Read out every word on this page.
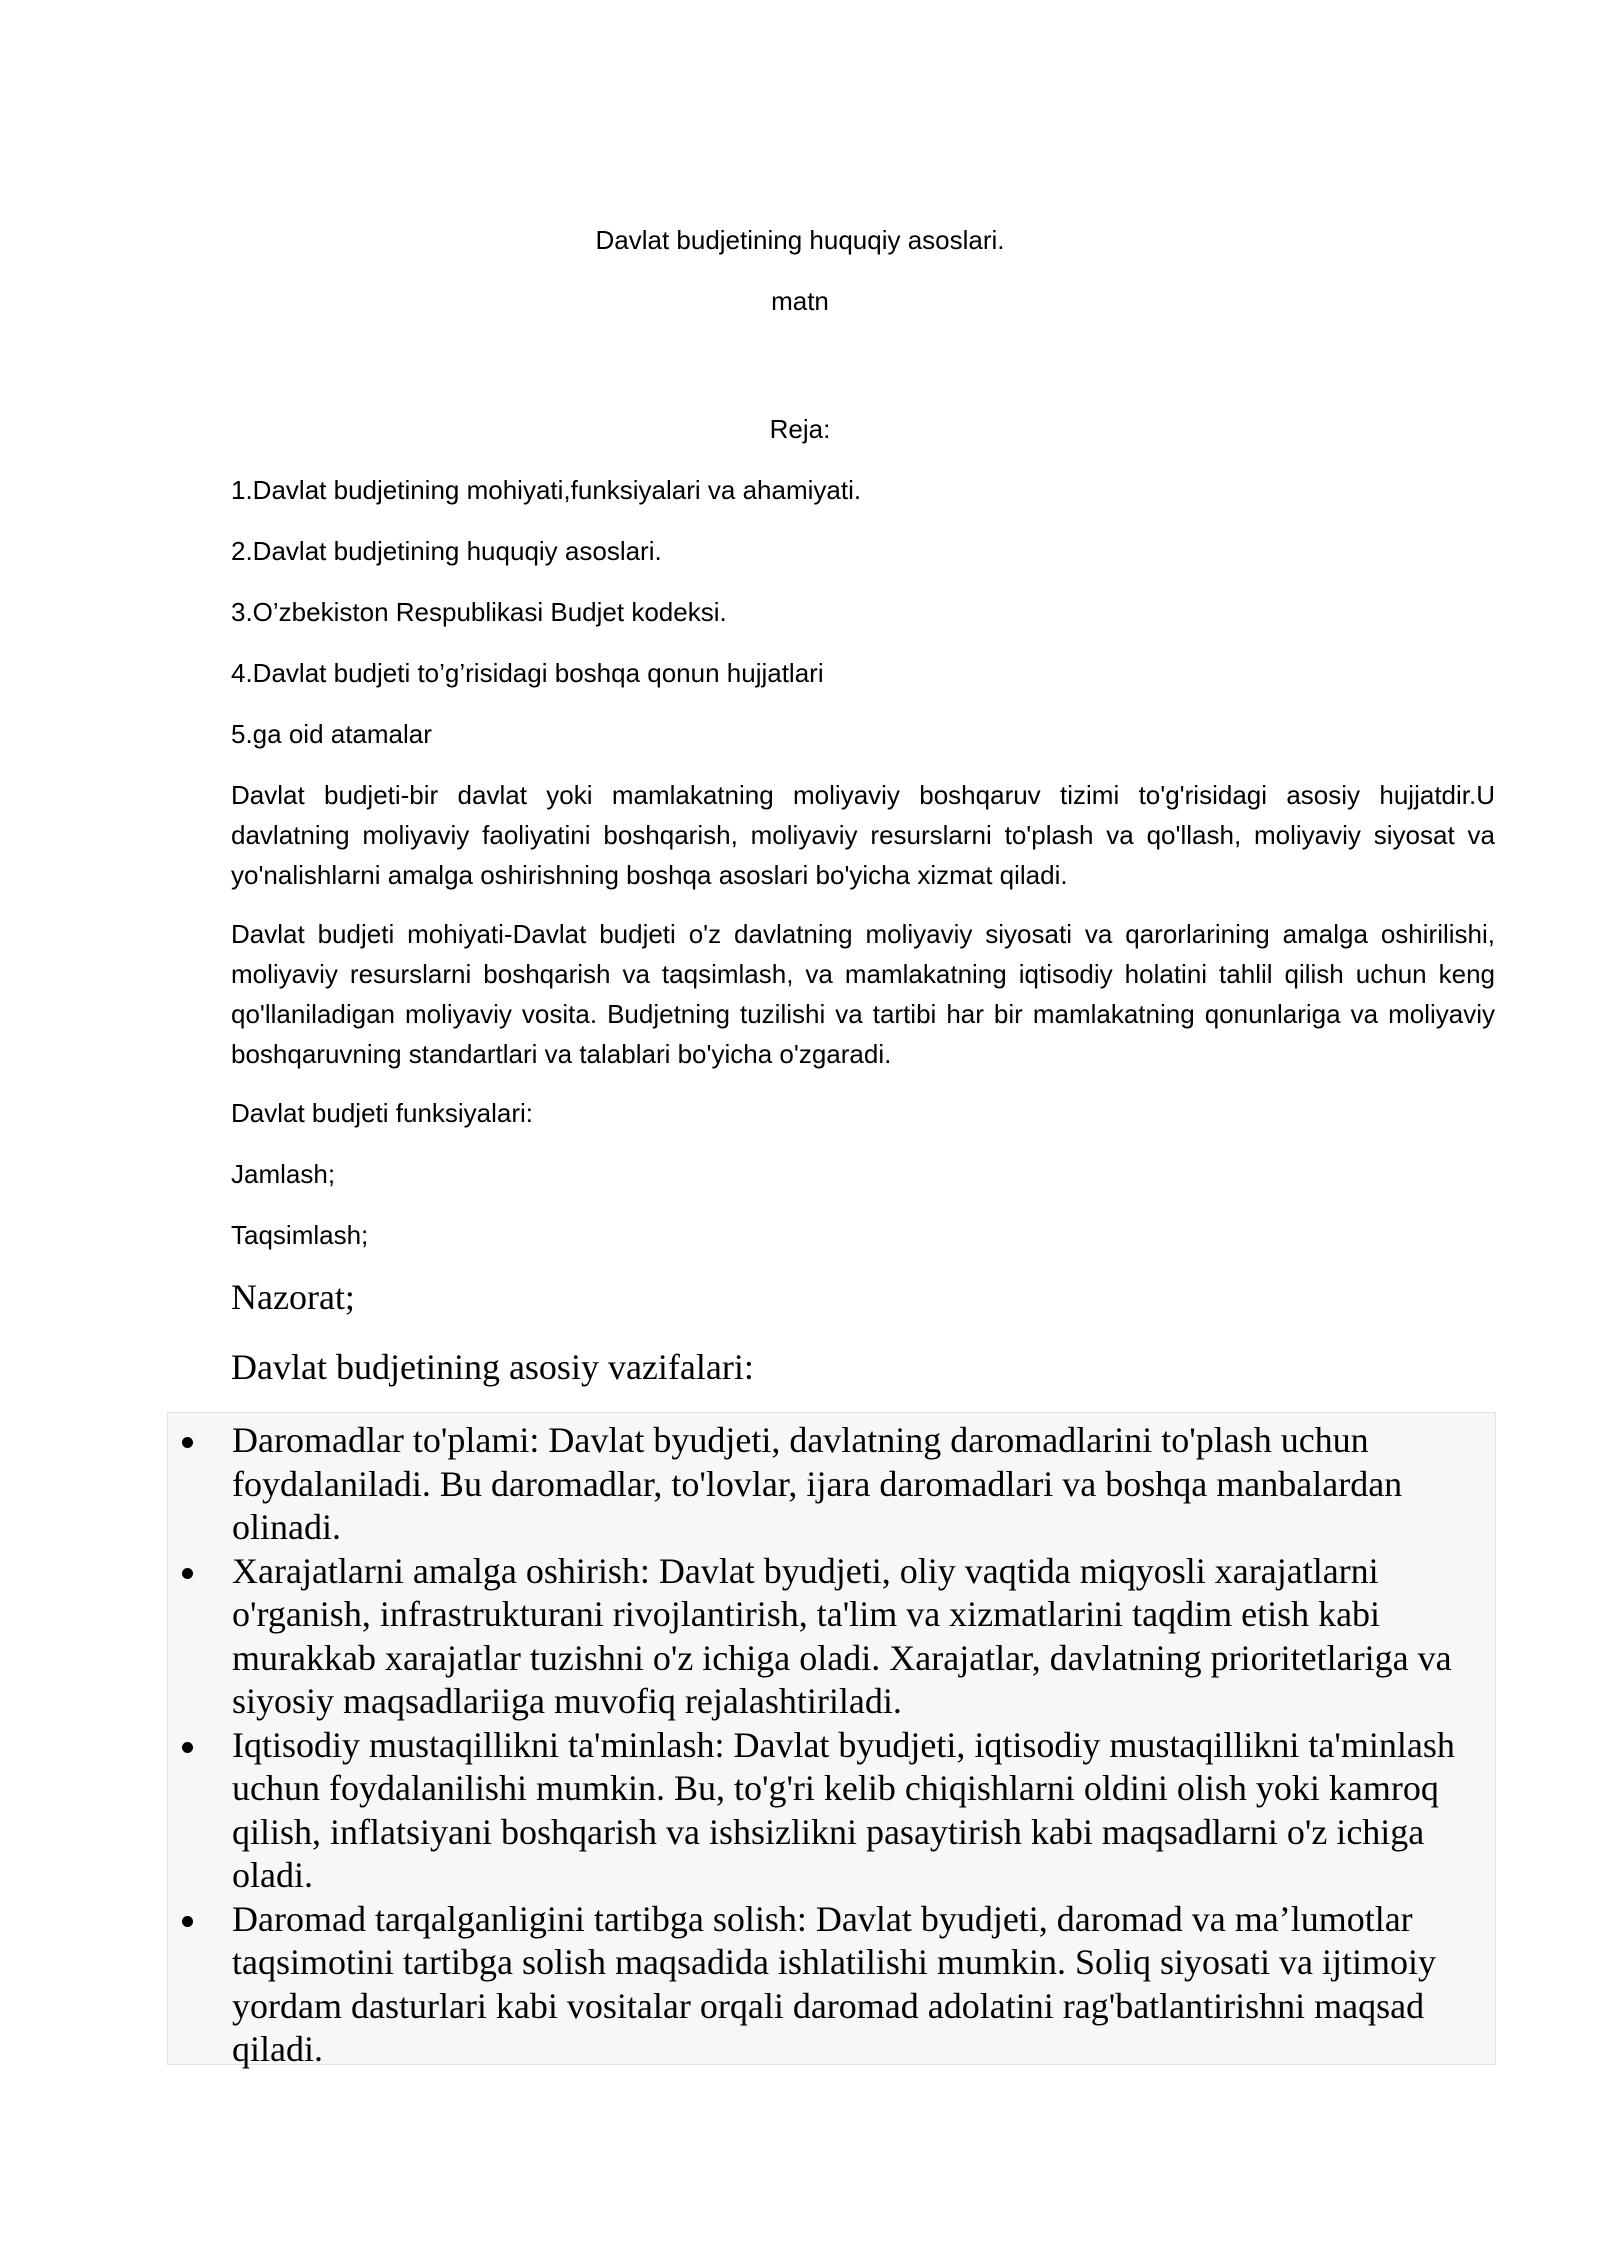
Davlat budjetining huquqiy asoslari.
matn
Reja:
1.Davlat budjetining mohiyati,funksiyalari va ahamiyati.
2.Davlat budjetining huquqiy asoslari.
3.O’zbekiston Respublikasi Budjet kodeksi.
4.Davlat budjeti to’g’risidagi boshqa qonun hujjatlari
5.ga oid atamalar
Davlat budjeti-bir davlat yoki mamlakatning moliyaviy boshqaruv tizimi to'g'risidagi asosiy hujjatdir.U davlatning moliyaviy faoliyatini boshqarish, moliyaviy resurslarni to'plash va qo'llash, moliyaviy siyosat va yo'nalishlarni amalga oshirishning boshqa asoslari bo'yicha xizmat qiladi.
Davlat budjeti mohiyati-Davlat budjeti o'z davlatning moliyaviy siyosati va qarorlarining amalga oshirilishi, moliyaviy resurslarni boshqarish va taqsimlash, va mamlakatning iqtisodiy holatini tahlil qilish uchun keng qo'llaniladigan moliyaviy vosita. Budjetning tuzilishi va tartibi har bir mamlakatning qonunlariga va moliyaviy boshqaruvning standartlari va talablari bo'yicha o'zgaradi.
Davlat budjeti funksiyalari:
Jamlash;
Taqsimlash;
Nazorat;
Davlat budjetining asosiy vazifalari:
Daromadlar to'plami: Davlat byudjeti, davlatning daromadlarini to'plash uchun foydalaniladi. Bu daromadlar, to'lovlar, ijara daromadlari va boshqa manbalardan olinadi.
Xarajatlarni amalga oshirish: Davlat byudjeti, oliy vaqtida miqyosli xarajatlarni o'rganish, infrastrukturani rivojlantirish, ta'lim va xizmatlarini taqdim etish kabi murakkab xarajatlar tuzishni o'z ichiga oladi. Xarajatlar, davlatning prioritetlariga va siyosiy maqsadlariiga muvofiq rejalashtiriladi.
Iqtisodiy mustaqillikni ta'minlash: Davlat byudjeti, iqtisodiy mustaqillikni ta'minlash uchun foydalanilishi mumkin. Bu, to'g'ri kelib chiqishlarni oldini olish yoki kamroq qilish, inflatsiyani boshqarish va ishsizlikni pasaytirish kabi maqsadlarni o'z ichiga oladi.
Daromad tarqalganligini tartibga solish: Davlat byudjeti, daromad va ma’lumotlar taqsimotini tartibga solish maqsadida ishlatilishi mumkin. Soliq siyosati va ijtimoiy yordam dasturlari kabi vositalar orqali daromad adolatini rag'batlantirishni maqsad qiladi.
